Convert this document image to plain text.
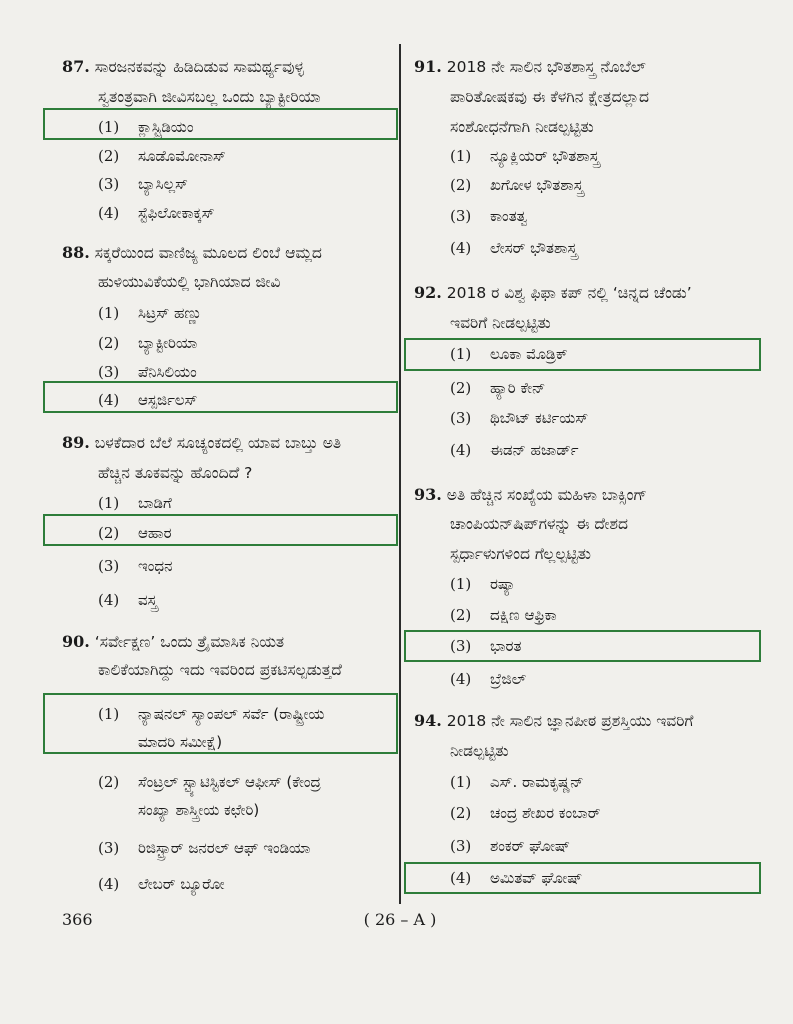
87. ಸಾರಜನಕವನ್ನು ಹಿಡಿದಿಡುವ ಸಾಮರ್ಥ್ಯವುಳ್ಳ
ಸ್ವತಂತ್ರವಾಗಿ ಜೀವಿಸಬಲ್ಲ ಒಂದು ಬ್ಯಾಕ್ಟೀರಿಯಾ
(1) ಕ್ಲಾಸ್ಟ್ರಿಡಿಯಂ
(2) ಸೂಡೊಮೋನಾಸ್
(3) ಬ್ಯಾಸಿಲ್ಲಸ್
(4) ಸ್ಟೆಫಿಲೋಕಾಕ್ಕಸ್
88. ಸಕ್ಕರೆಯಿಂದ ವಾಣಿಜ್ಯ ಮೂಲದ ಲಿಂಬೆ ಆಮ್ಲದ
ಹುಳಿಯುವಿಕೆಯಲ್ಲಿ ಭಾಗಿಯಾದ ಜೀವಿ
(1) ಸಿಟ್ರಸ್ ಹಣ್ಣು
(2) ಬ್ಯಾಕ್ಟೀರಿಯಾ
(3) ಪೆನಿಸಿಲಿಯಂ
(4) ಆಸ್ಪರ್ಜಿಲಸ್
89. ಬಳಕೆದಾರ ಬೆಲೆ ಸೂಚ್ಯಂಕದಲ್ಲಿ ಯಾವ ಬಾಬ್ತು ಅತಿ
ಹೆಚ್ಚಿನ ತೂಕವನ್ನು ಹೊಂದಿದೆ ?
(1) ಬಾಡಿಗೆ
(2) ಆಹಾರ
(3) ಇಂಧನ
(4) ವಸ್ತ್ರ
90. ‘ಸರ್ವೇಕ್ಷಣ’ ಒಂದು ತ್ರೈಮಾಸಿಕ ನಿಯತ
ಕಾಲಿಕೆಯಾಗಿದ್ದು ಇದು ಇವರಿಂದ ಪ್ರಕಟಿಸಲ್ಪಡುತ್ತದೆ
(1) ನ್ಯಾಷನಲ್ ಸ್ಯಾಂಪಲ್ ಸರ್ವೆ (ರಾಷ್ಟ್ರೀಯ
ಮಾದರಿ ಸಮೀಕ್ಷೆ)
(2) ಸೆಂಟ್ರಲ್ ಸ್ಟ್ಯಾಟಿಸ್ಟಿಕಲ್ ಆಫೀಸ್ (ಕೇಂದ್ರ
ಸಂಖ್ಯಾ ಶಾಸ್ತ್ರೀಯ ಕಛೇರಿ)
(3) ರಿಜಿಸ್ಟ್ರಾರ್ ಜನರಲ್ ಆಫ್ ಇಂಡಿಯಾ
(4) ಲೇಬರ್ ಬ್ಯೂರೋ
91. 2018 ನೇ ಸಾಲಿನ ಭೌತಶಾಸ್ತ್ರ ನೊಬೆಲ್
ಪಾರಿತೋಷಕವು ಈ ಕೆಳಗಿನ ಕ್ಷೇತ್ರದಲ್ಲಾದ
ಸಂಶೋಧನೆಗಾಗಿ ನೀಡಲ್ಪಟ್ಟಿತು
(1) ನ್ಯೂಕ್ಲಿಯರ್ ಭೌತಶಾಸ್ತ್ರ
(2) ಖಗೋಳ ಭೌತಶಾಸ್ತ್ರ
(3) ಕಾಂತತ್ವ
(4) ಲೇಸರ್ ಭೌತಶಾಸ್ತ್ರ
92. 2018 ರ ವಿಶ್ವ ಫಿಫಾ ಕಪ್ ನಲ್ಲಿ ‘ಚಿನ್ನದ ಚೆಂಡು’
ಇವರಿಗೆ ನೀಡಲ್ಪಟ್ಟಿತು
(1) ಲೂಕಾ ಮೊಡ್ರಿಕ್
(2) ಹ್ಯಾರಿ ಕೇನ್
(3) ಥಿಬೌಟ್ ಕರ್ಟಿಯಸ್
(4) ಈಡನ್ ಹಜಾರ್ಡ್
93. ಅತಿ ಹೆಚ್ಚಿನ ಸಂಖ್ಯೆಯ ಮಹಿಳಾ ಬಾಕ್ಸಿಂಗ್
ಚಾಂಪಿಯನ್‌ಷಿಪ್‌ಗಳನ್ನು ಈ ದೇಶದ
ಸ್ಪರ್ಧಾಳುಗಳಿಂದ ಗೆಲ್ಲಲ್ಪಟ್ಟಿತು
(1) ರಷ್ಯಾ
(2) ದಕ್ಷಿಣ ಆಫ್ರಿಕಾ
(3) ಭಾರತ
(4) ಬ್ರೆಜಿಲ್
94. 2018 ನೇ ಸಾಲಿನ ಜ್ಞಾನಪೀಠ ಪ್ರಶಸ್ತಿಯು ಇವರಿಗೆ
ನೀಡಲ್ಪಟ್ಟಿತು
(1) ಎಸ್. ರಾಮಕೃಷ್ಣನ್
(2) ಚಂದ್ರ ಶೇಖರ ಕಂಬಾರ್
(3) ಶಂಕರ್ ಘೋಷ್
(4) ಅಮಿತವ್ ಘೋಷ್
366	( 26 – A )
